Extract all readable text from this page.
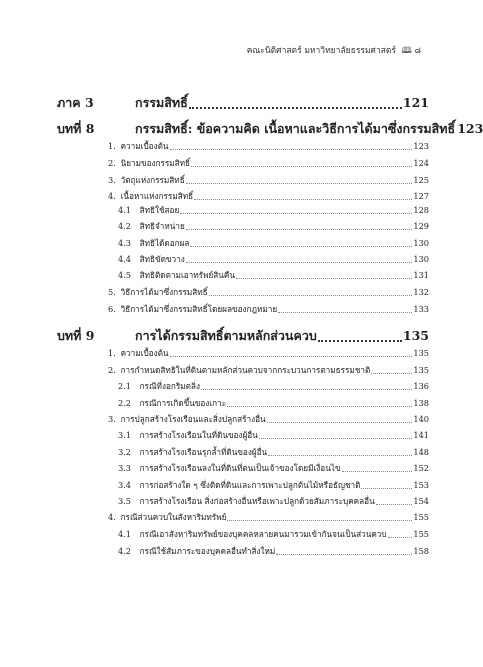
คณะนิติศาสตร์ มหาวิทยาลัยธรรมศาสตร์ 🕮 ๘
ภาค 3	กรรมสิทธิ์	121
บทที่ 8	กรรมสิทธิ์: ข้อความคิด เนื้อหาและวิธีการได้มาซึ่งกรรมสิทธิ์ 123
1. ความเบื้องต้น	123
2. นิยามของกรรมสิทธิ์	124
3. วัตถุแห่งกรรมสิทธิ์	125
4. เนื้อหาแห่งกรรมสิทธิ์	127
4.1 สิทธิใช้สอย	128
4.2 สิทธิจำหน่าย	129
4.3 สิทธิได้ดอกผล	130
4.4 สิทธิขัดขวาง	130
4.5 สิทธิติดตามเอาทรัพย์สินคืน	131
5. วิธีการได้มาซึ่งกรรมสิทธิ์	132
6. วิธีการได้มาซึ่งกรรมสิทธิ์โดยผลของกฎหมาย	133
บทที่ 9	การได้กรรมสิทธิ์ตามหลักส่วนควบ	135
1. ความเบื้องต้น	135
2. การกำหนดสิทธิในที่ดินตามหลักส่วนควบจากกระบวนการตามธรรมชาติ	135
2.1 กรณีที่งอกริมตลิ่ง	136
2.2 กรณีการเกิดขึ้นของเกาะ	138
3. การปลูกสร้างโรงเรือนและสิ่งปลูกสร้างอื่น	140
3.1 การสร้างโรงเรือนในที่ดินของผู้อื่น	141
3.2 การสร้างโรงเรือนรุกล้ำที่ดินของผู้อื่น	148
3.3 การสร้างโรงเรือนลงในที่ดินที่ตนเป็นเจ้าของโดยมีเงื่อนไข	152
3.4 การก่อสร้างใด ๆ ซึ่งติดที่ดินและการเพาะปลูกต้นไม้หรือธัญชาติ	153
3.5 การสร้างโรงเรือน สิ่งก่อสร้างอื่นหรือเพาะปลูกด้วยสัมภาระบุคคลอื่น	154
4. กรณีส่วนควบในสังหาริมทรัพย์	155
4.1 กรณีเอาสังหาริมทรัพย์ของบุคคลหลายคนมารวมเข้ากันจนเป็นส่วนควบ	155
4.2 กรณีใช้สัมภาระของบุคคลอื่นทำสิ่งใหม่	158
